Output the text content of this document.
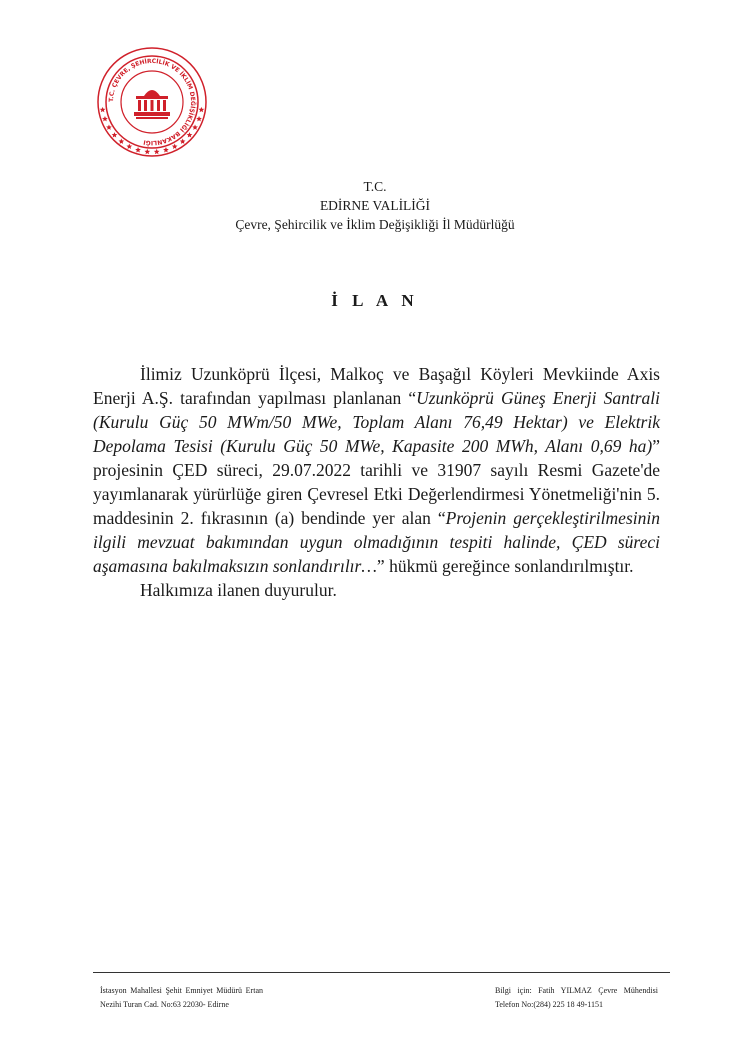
T.C. ÇEVRE, ŞEHİRCİLİK VE İKLİM DEĞİŞİKLİĞİ BAKANLIĞI
T.C.
EDİRNE VALİLİĞİ
Çevre, Şehircilik ve İklim Değişikliği İl Müdürlüğü
İ L A N

İlimiz Uzunköprü İlçesi, Malkoç ve Başağıl Köyleri Mevkiinde Axis Enerji A.Ş. tarafından yapılması planlanan “Uzunköprü Güneş Enerji Santrali (Kurulu Güç 50 MWm/50 MWe, Toplam Alanı 76,49 Hektar) ve Elektrik Depolama Tesisi (Kurulu Güç 50 MWe, Kapasite 200 MWh, Alanı 0,69 ha)” projesinin ÇED süreci, 29.07.2022 tarihli ve 31907 sayılı Resmi Gazete'de yayımlanarak yürürlüğe giren Çevresel Etki Değerlendirmesi Yönetmeliği'nin 5. maddesinin 2. fıkrasının (a) bendinde yer alan “Projenin gerçekleştirilmesinin ilgili mevzuat bakımından uygun olmadığının tespiti halinde, ÇED süreci aşamasına bakılmaksızın sonlandırılır…” hükmü gereğince sonlandırılmıştır.

Halkımıza ilanen duyurulur.

İstasyon Mahallesi Şehit Emniyet Müdürü Ertan Nezihi Turan Cad. No:63 22030- Edirne
Bilgi için: Fatih YILMAZ Çevre Mühendisi Telefon No:(284) 225 18 49-1151
